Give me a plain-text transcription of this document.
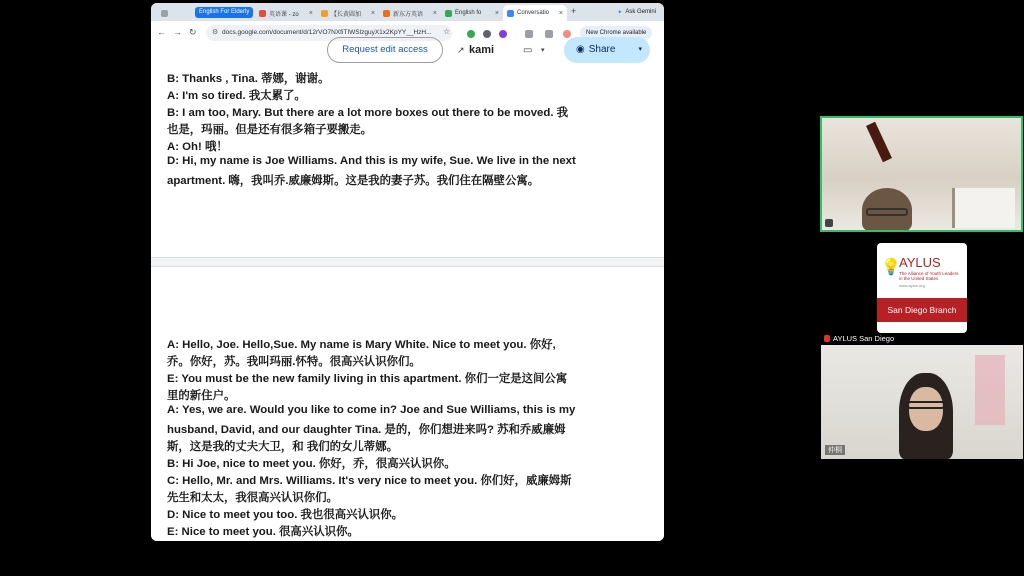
English For Elderly	英语课 - zo ×	【长黄圆加 ×	新东方英语 ×	English fo ×	Conversatio × +	✦ Ask Gemini
← → ↻ ⚙ docs.google.com/document/d/12rVO7NXfiTIWSlzguyX1x2KpYY__HzH...	☆	New Chrome available
Request edit access	↗ kami	▭ ▾	◉ Share	▾
B: Thanks , Tina. 蒂娜，谢谢。
A: I'm so tired. 我太累了。
B: I am too, Mary. But there are a lot more boxes out there to be moved. 我
也是，玛丽。但是还有很多箱子要搬走。
A: Oh! 哦！
D: Hi, my name is Joe Williams. And this is my wife, Sue. We live in the next
apartment. 嗨，我叫乔.威廉姆斯。这是我的妻子苏。我们住在隔壁公寓。
A: Hello, Joe. Hello,Sue. My name is Mary White. Nice to meet you. 你好,
乔。你好，苏。我叫玛丽.怀特。很高兴认识你们。
E: You must be the new family living in this apartment. 你们一定是这间公寓
里的新住户。
A: Yes, we are. Would you like to come in? Joe and Sue Williams, this is my
husband, David, and our daughter Tina. 是的，你们想进来吗? 苏和乔威廉姆
斯，这是我的丈夫大卫，和 我们的女儿蒂娜。
B: Hi Joe, nice to meet you. 你好，乔，很高兴认识你。
C: Hello, Mr. and Mrs. Williams. It's very nice to meet you. 你们好，威廉姆斯
先生和太太，我很高兴认识你们。
D: Nice to meet you too. 我也很高兴认识你。
E: Nice to meet you. 很高兴认识你。
💡
AYLUS
The Alliance of Youth Leaders in the United States
www.aylus.org
San Diego Branch
AYLUS San Diego
仲桐
